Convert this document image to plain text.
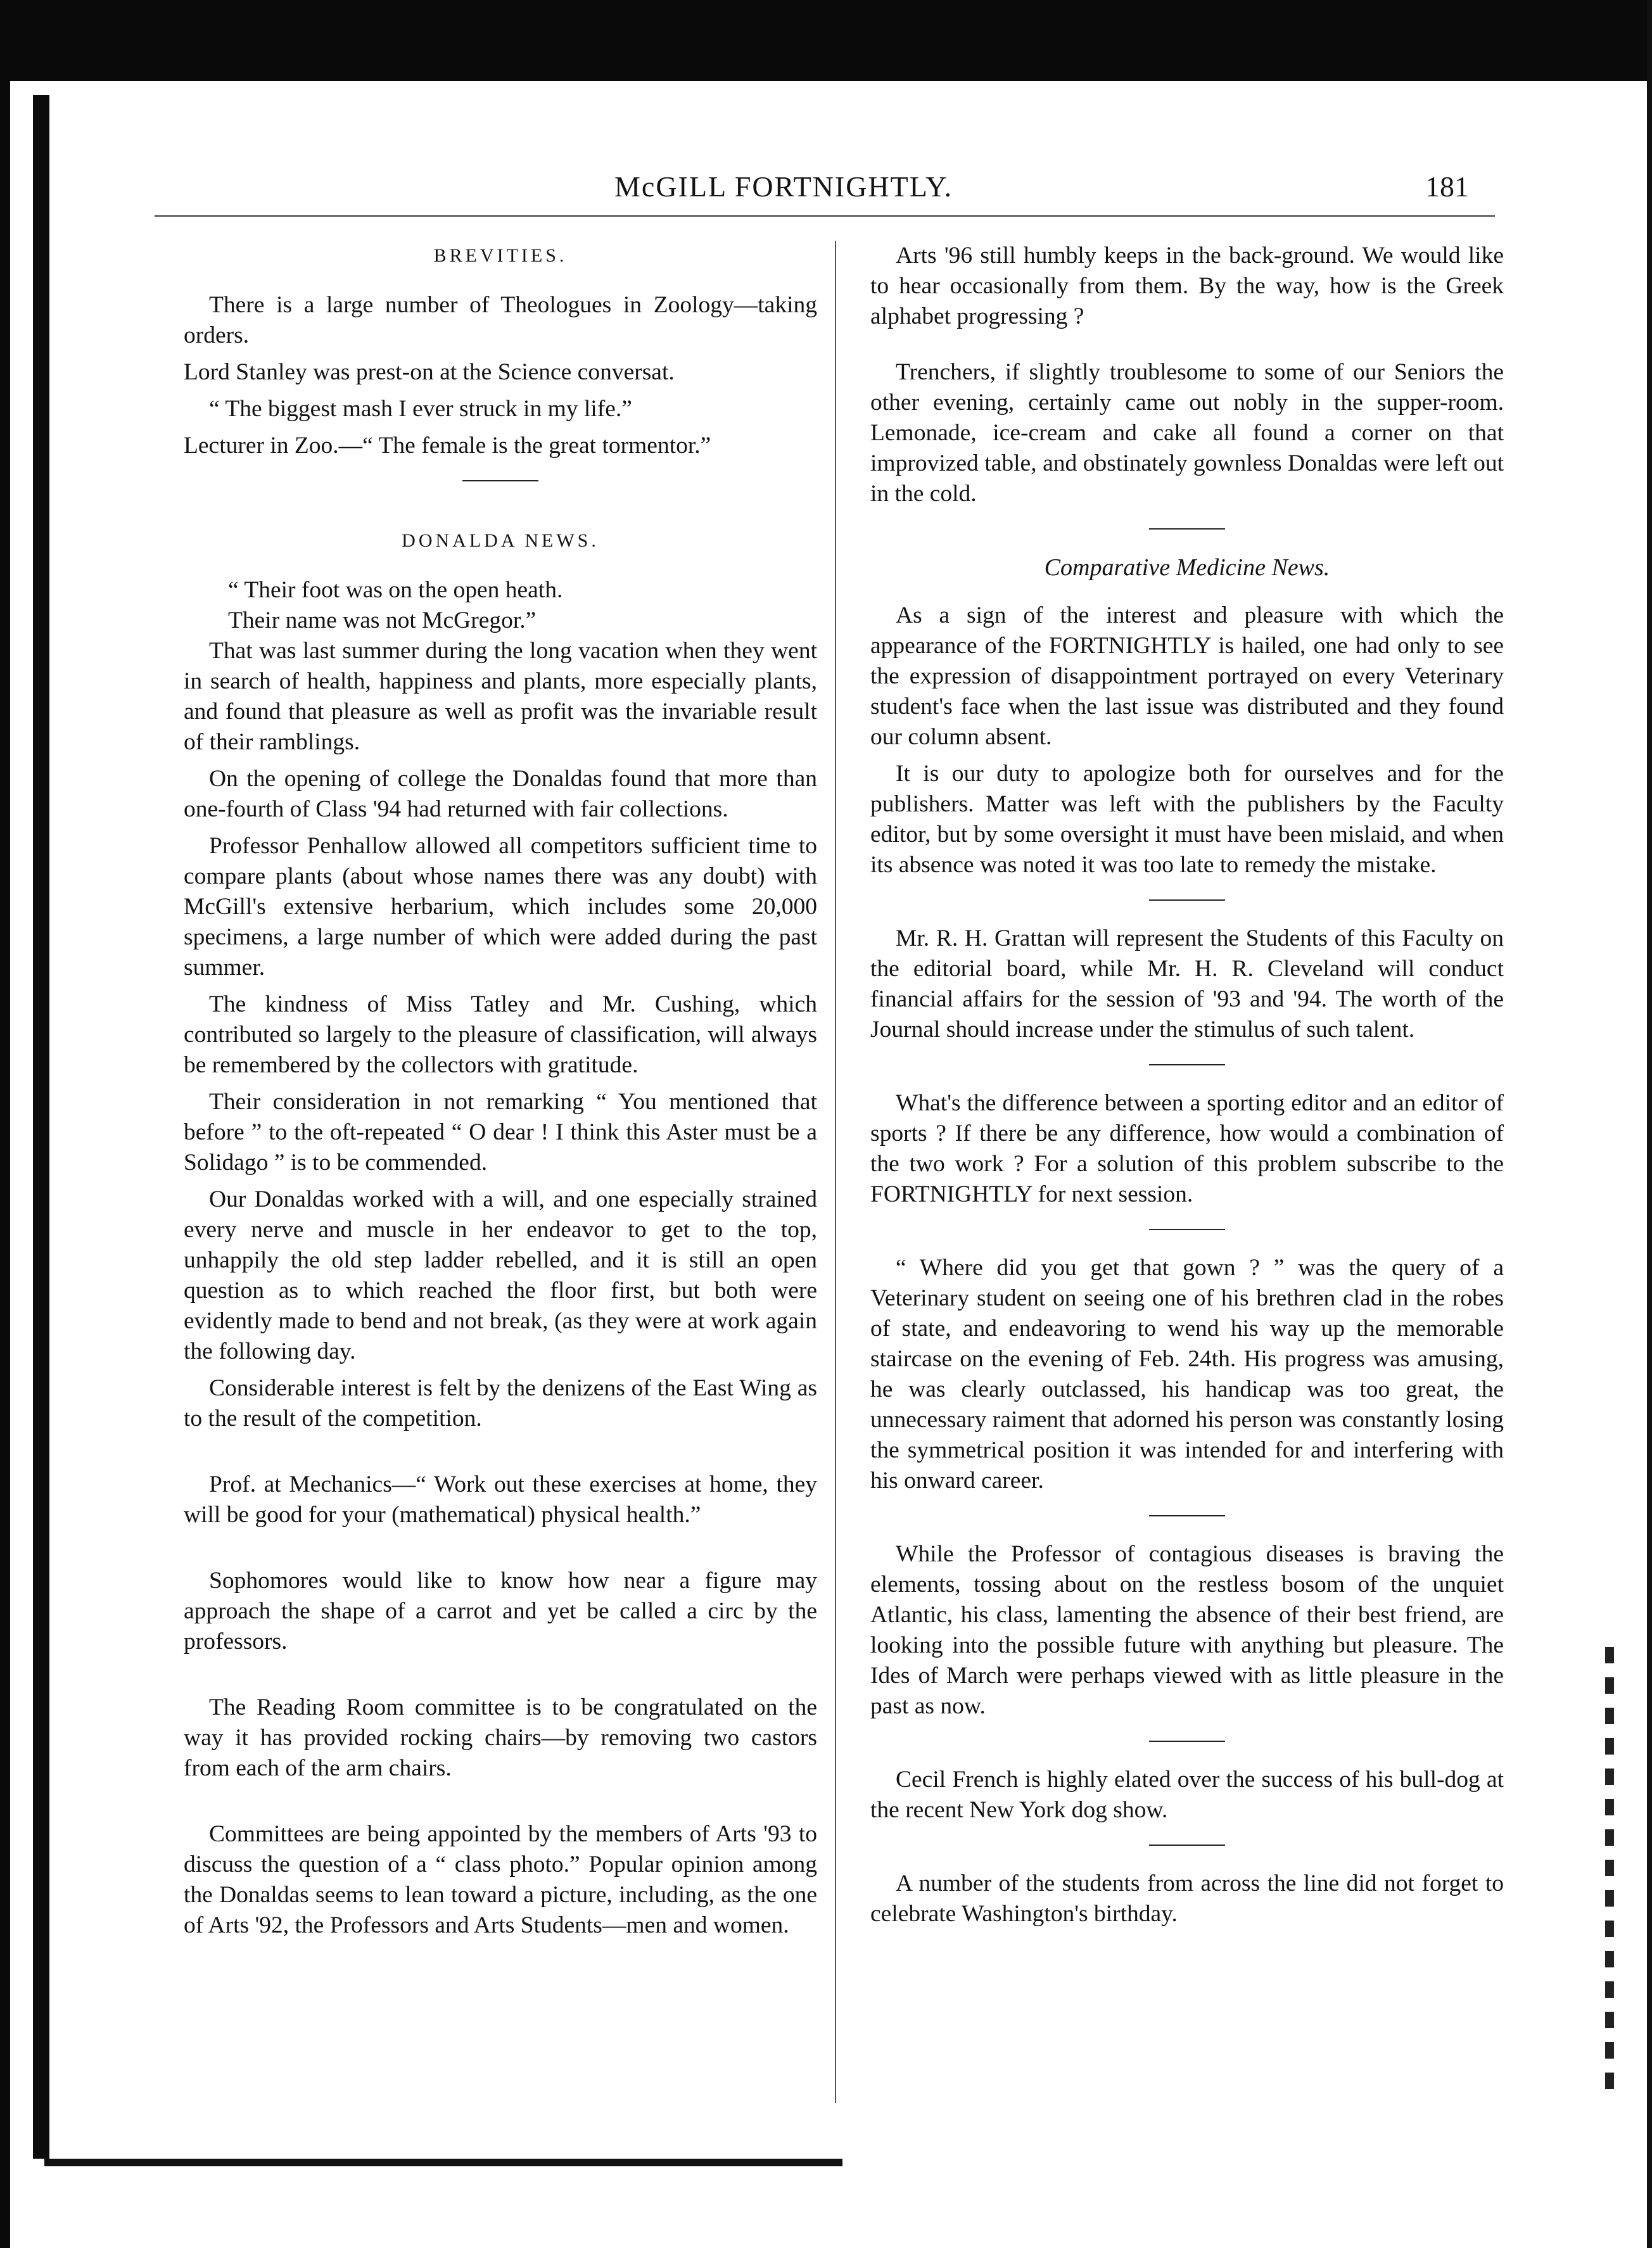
McGILL FORTNIGHTLY.	181
BREVITIES.

There is a large number of Theologues in Zoology—taking orders.

Lord Stanley was prest-on at the Science conversat.

“ The biggest mash I ever struck in my life.”

Lecturer in Zoo.—“ The female is the great tormentor.”

DONALDA NEWS.
“ Their foot was on the open heath.
Their name was not McGregor.”

That was last summer during the long vacation when they went in search of health, happiness and plants, more especially plants, and found that pleasure as well as profit was the invariable result of their ramblings.

On the opening of college the Donaldas found that more than one-fourth of Class '94 had returned with fair collections.

Professor Penhallow allowed all competitors sufficient time to compare plants (about whose names there was any doubt) with McGill's extensive herbarium, which includes some 20,000 specimens, a large number of which were added during the past summer.

The kindness of Miss Tatley and Mr. Cushing, which contributed so largely to the pleasure of classification, will always be remembered by the collectors with gratitude.

Their consideration in not remarking “ You mentioned that before ” to the oft-repeated “ O dear ! I think this Aster must be a Solidago ” is to be commended.

Our Donaldas worked with a will, and one especially strained every nerve and muscle in her endeavor to get to the top, unhappily the old step ladder rebelled, and it is still an open question as to which reached the floor first, but both were evidently made to bend and not break, (as they were at work again the following day.

Considerable interest is felt by the denizens of the East Wing as to the result of the competition.

Prof. at Mechanics—“ Work out these exercises at home, they will be good for your (mathematical) physical health.”

Sophomores would like to know how near a figure may approach the shape of a carrot and yet be called a circ by the professors.

The Reading Room committee is to be congratulated on the way it has provided rocking chairs—by removing two castors from each of the arm chairs.

Committees are being appointed by the members of Arts '93 to discuss the question of a “ class photo.” Popular opinion among the Donaldas seems to lean toward a picture, including, as the one of Arts '92, the Professors and Arts Students—men and women.

Arts '96 still humbly keeps in the back-ground. We would like to hear occasionally from them. By the way, how is the Greek alphabet progressing ?

Trenchers, if slightly troublesome to some of our Seniors the other evening, certainly came out nobly in the supper-room. Lemonade, ice-cream and cake all found a corner on that improvized table, and obstinately gownless Donaldas were left out in the cold.

Comparative Medicine News.

As a sign of the interest and pleasure with which the appearance of the FORTNIGHTLY is hailed, one had only to see the expression of disappointment portrayed on every Veterinary student's face when the last issue was distributed and they found our column absent.

It is our duty to apologize both for ourselves and for the publishers. Matter was left with the publishers by the Faculty editor, but by some oversight it must have been mislaid, and when its absence was noted it was too late to remedy the mistake.

Mr. R. H. Grattan will represent the Students of this Faculty on the editorial board, while Mr. H. R. Cleveland will conduct financial affairs for the session of '93 and '94. The worth of the Journal should increase under the stimulus of such talent.

What's the difference between a sporting editor and an editor of sports ? If there be any difference, how would a combination of the two work ? For a solution of this problem subscribe to the FORTNIGHTLY for next session.

“ Where did you get that gown ? ” was the query of a Veterinary student on seeing one of his brethren clad in the robes of state, and endeavoring to wend his way up the memorable staircase on the evening of Feb. 24th. His progress was amusing, he was clearly outclassed, his handicap was too great, the unnecessary raiment that adorned his person was constantly losing the symmetrical position it was intended for and interfering with his onward career.

While the Professor of contagious diseases is braving the elements, tossing about on the restless bosom of the unquiet Atlantic, his class, lamenting the absence of their best friend, are looking into the possible future with anything but pleasure. The Ides of March were perhaps viewed with as little pleasure in the past as now.

Cecil French is highly elated over the success of his bull-dog at the recent New York dog show.

A number of the students from across the line did not forget to celebrate Washington's birthday.
